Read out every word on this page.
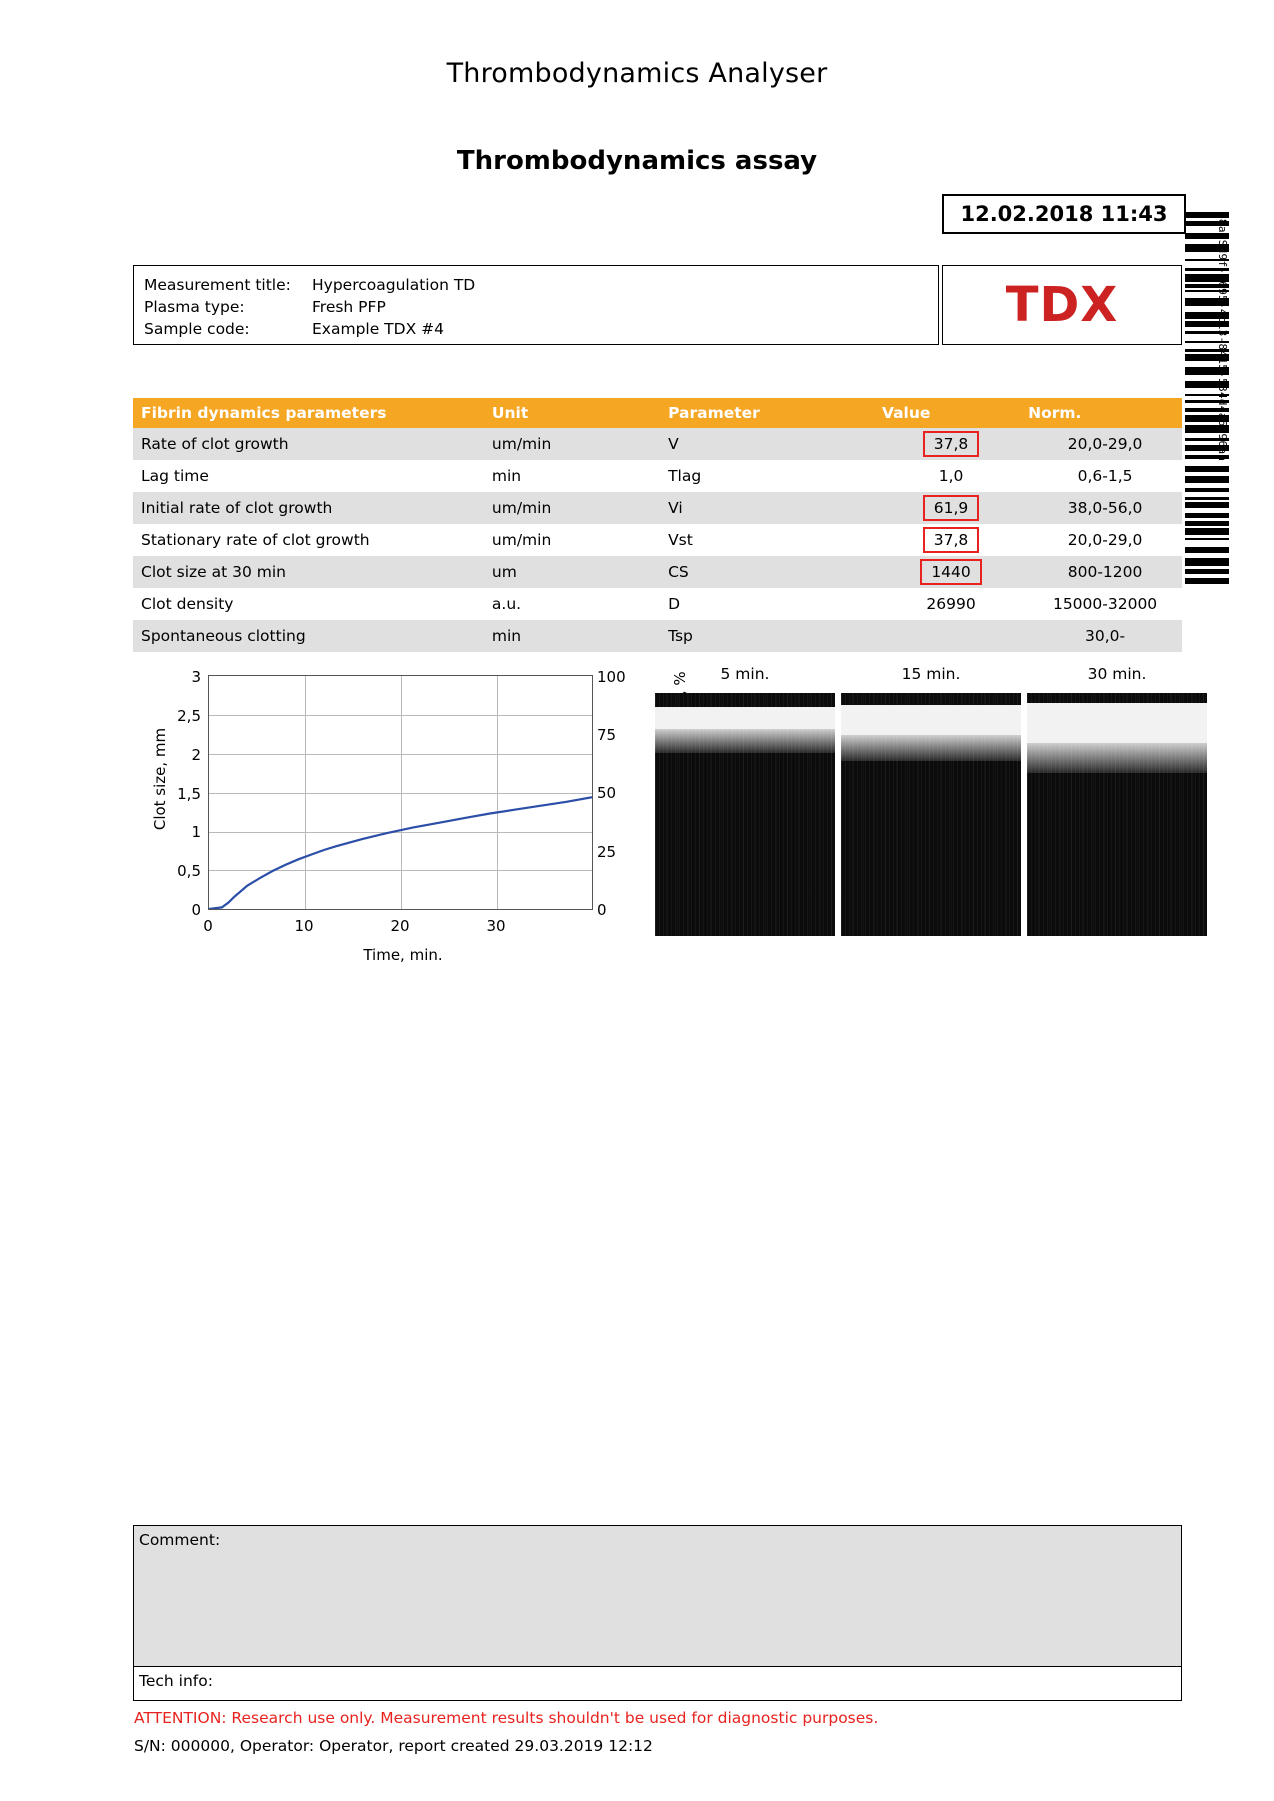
Thrombodynamics Analyser
Thrombodynamics assay
12.02.2018 11:43
Measurement title:	Hypercoagulation TD
Plasma type:	Fresh PFP
Sample code:	Example TDX #4	TDX	48a5Sd9f-1695-4c13-8415-534d4a6296aa
Fibrin dynamics parameters	Unit	Parameter	Value	Norm.
Rate of clot growth	um/min	V	37,8	20,0-29,0
Lag time	min	Tlag	1,0	0,6-1,5
Initial rate of clot growth	um/min	Vi	61,9	38,0-56,0
Stationary rate of clot growth	um/min	Vst	37,8	20,0-29,0
Clot size at 30 min	um	CS	1440	800-1200
Clot density	a.u.	D	26990	15000-32000
Spontaneous clotting	min	Tsp		30,0-
3
2,5
2
1,5
1
0,5
0
100
75
50
25
0
0	10	20	30
Time, min.
Clot size, mm
5 min.	15 min.	30 min.
Comment:
Tech info:
ATTENTION: Research use only. Measurement results shouldn't be used for diagnostic purposes.
S/N: 000000, Operator: Operator, report created 29.03.2019 12:12
